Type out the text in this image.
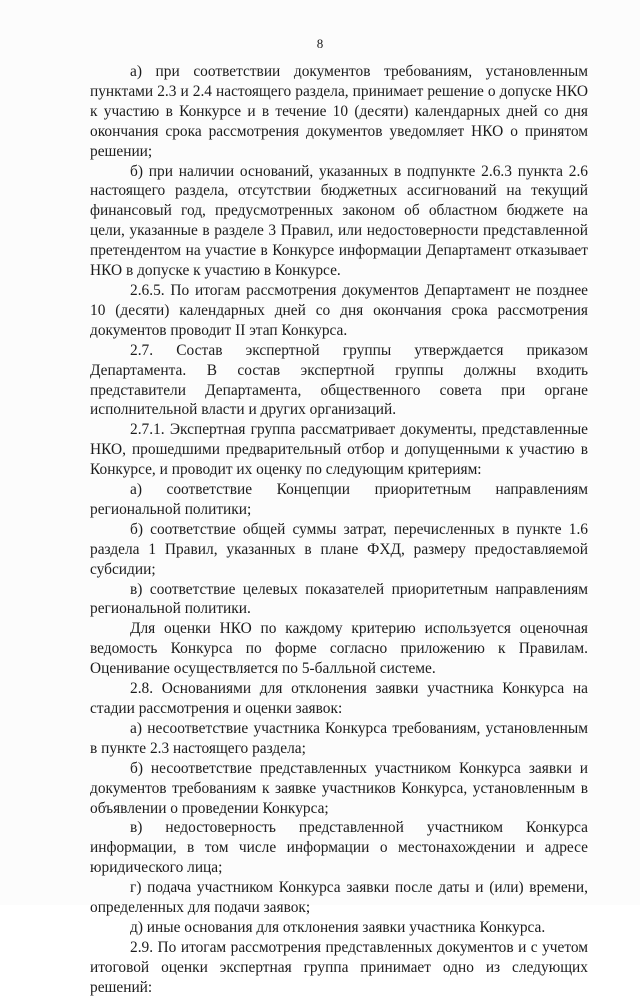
8

а) при соответствии документов требованиям, установленным пунктами 2.3 и 2.4 настоящего раздела, принимает решение о допуске НКО к участию в Конкурсе и в течение 10 (десяти) календарных дней со дня окончания срока рассмотрения документов уведомляет НКО о принятом решении;

б) при наличии оснований, указанных в подпункте 2.6.3 пункта 2.6 настоящего раздела, отсутствии бюджетных ассигнований на текущий финансовый год, предусмотренных законом об областном бюджете на цели, указанные в разделе 3 Правил, или недостоверности представленной претендентом на участие в Конкурсе информации Департамент отказывает НКО в допуске к участию в Конкурсе.

2.6.5. По итогам рассмотрения документов Департамент не позднее 10 (десяти) календарных дней со дня окончания срока рассмотрения документов проводит II этап Конкурса.

2.7. Состав экспертной группы утверждается приказом Департамента. В состав экспертной группы должны входить представители Департамента, общественного совета при органе исполнительной власти и других организаций.

2.7.1. Экспертная группа рассматривает документы, представленные НКО, прошедшими предварительный отбор и допущенными к участию в Конкурсе, и проводит их оценку по следующим критериям:

а) соответствие Концепции приоритетным направлениям региональной политики;

б) соответствие общей суммы затрат, перечисленных в пункте 1.6 раздела 1 Правил, указанных в плане ФХД, размеру предоставляемой субсидии;

в) соответствие целевых показателей приоритетным направлениям региональной политики.

Для оценки НКО по каждому критерию используется оценочная ведомость Конкурса по форме согласно приложению к Правилам. Оценивание осуществляется по 5-балльной системе.

2.8. Основаниями для отклонения заявки участника Конкурса на стадии рассмотрения и оценки заявок:

а) несоответствие участника Конкурса требованиям, установленным в пункте 2.3 настоящего раздела;

б) несоответствие представленных участником Конкурса заявки и документов требованиям к заявке участников Конкурса, установленным в объявлении о проведении Конкурса;

в) недостоверность представленной участником Конкурса информации, в том числе информации о местонахождении и адресе юридического лица;

г) подача участником Конкурса заявки после даты и (или) времени, определенных для подачи заявок;

д) иные основания для отклонения заявки участника Конкурса.

2.9. По итогам рассмотрения представленных документов и с учетом итоговой оценки экспертная группа принимает одно из следующих решений:
